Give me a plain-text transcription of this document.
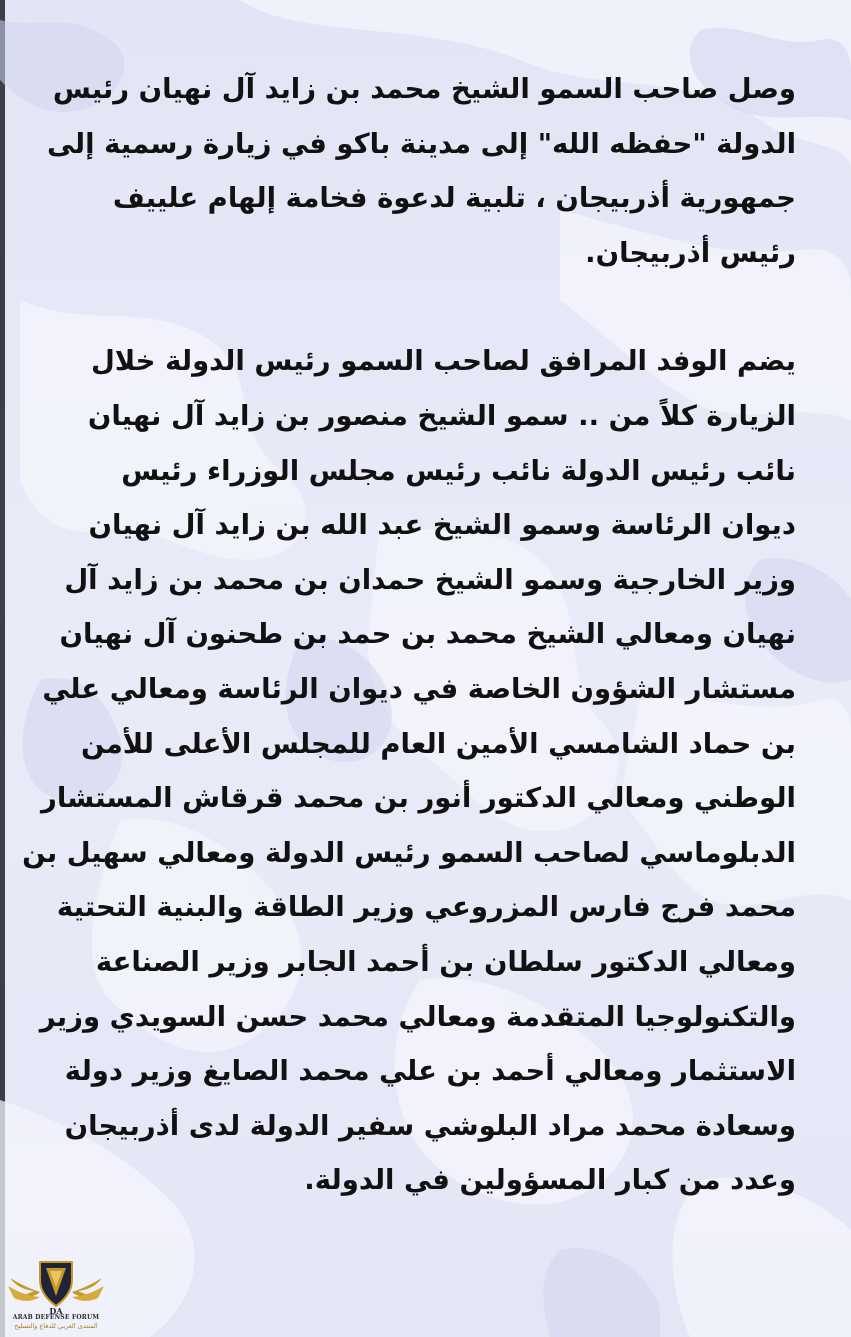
وصل صاحب السمو الشيخ محمد بن زايد آل نهيان رئيس
الدولة "حفظه الله" إلى مدينة باكو في زيارة رسمية إلى
جمهورية أذربيجان ، تلبية لدعوة فخامة إلهام علييف
رئيس أذربيجان.

يضم الوفد المرافق لصاحب السمو رئيس الدولة خلال
الزيارة كلاً من .. سمو الشيخ منصور بن زايد آل نهيان
نائب رئيس الدولة نائب رئيس مجلس الوزراء رئيس
ديوان الرئاسة وسمو الشيخ عبد الله بن زايد آل نهيان
وزير الخارجية وسمو الشيخ حمدان بن محمد بن زايد آل
نهيان ومعالي الشيخ محمد بن حمد بن طحنون آل نهيان
مستشار الشؤون الخاصة في ديوان الرئاسة ومعالي علي
بن حماد الشامسي الأمين العام للمجلس الأعلى للأمن
الوطني ومعالي الدكتور أنور بن محمد قرقاش المستشار
الدبلوماسي لصاحب السمو رئيس الدولة ومعالي سهيل بن
محمد فرج فارس المزروعي وزير الطاقة والبنية التحتية
ومعالي الدكتور سلطان بن أحمد الجابر وزير الصناعة
والتكنولوجيا المتقدمة ومعالي محمد حسن السويدي وزير
الاستثمار ومعالي أحمد بن علي محمد الصايغ وزير دولة
وسعادة محمد مراد البلوشي سفير الدولة لدى أذربيجان
وعدد من كبار المسؤولين في الدولة.

DA
ARAB DEFENSE FORUM
المنتدى العربي للدفاع والتسليح
